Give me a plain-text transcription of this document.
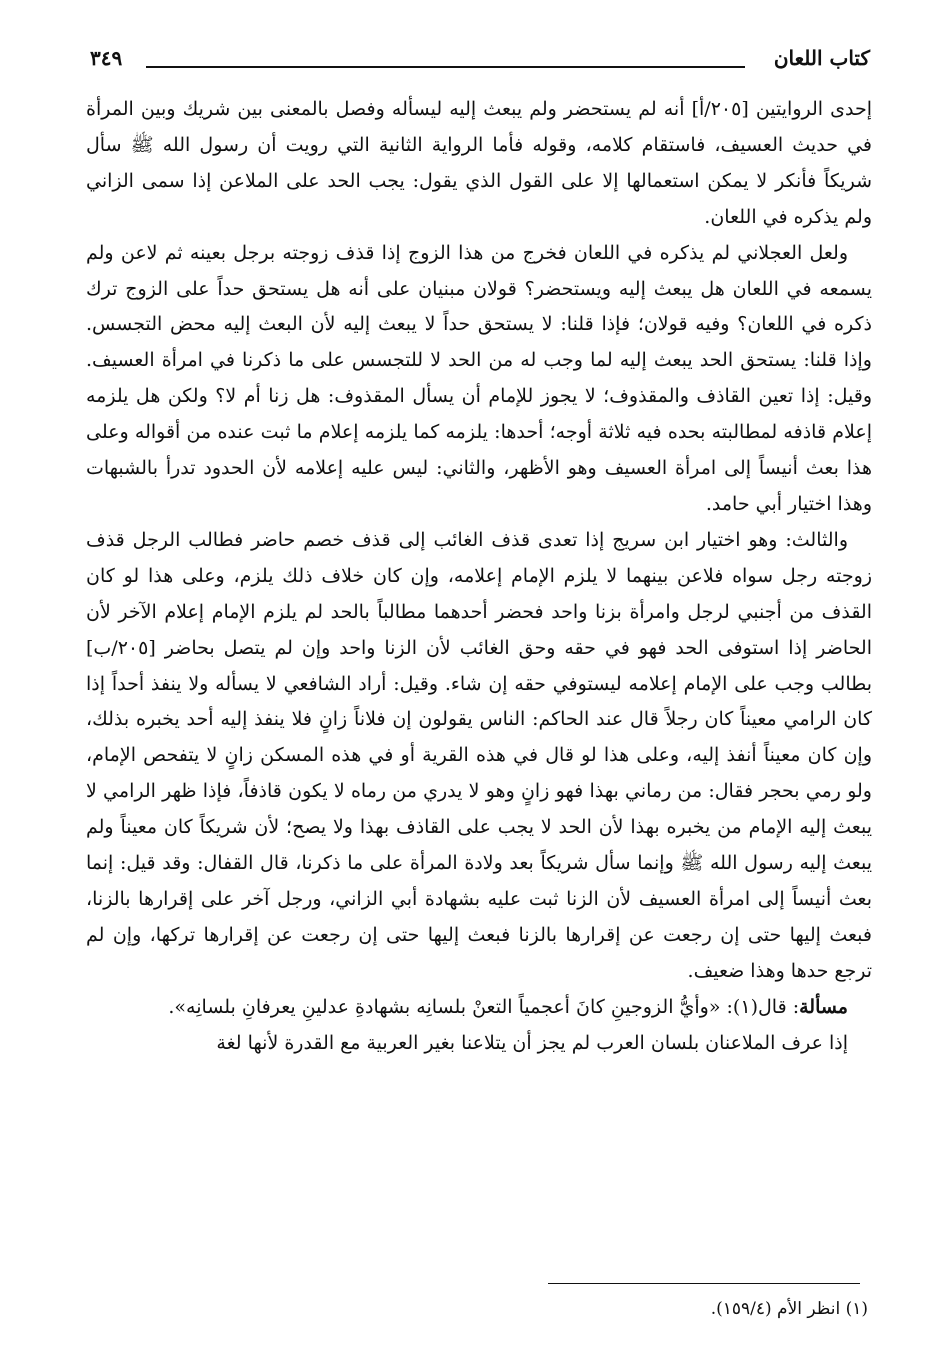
كتاب اللعان
٣٤٩

إحدى الروايتين [٢٠٥/أ] أنه لم يستحضر ولم يبعث إليه ليسأله وفصل بالمعنى بين شريك وبين المرأة في حديث العسيف، فاستقام كلامه، وقوله فأما الرواية الثانية التي رويت أن رسول الله ﷺ سأل شريكاً فأنكر لا يمكن استعمالها إلا على القول الذي يقول: يجب الحد على الملاعن إذا سمى الزاني ولم يذكره في اللعان.

ولعل العجلاني لم يذكره في اللعان فخرج من هذا الزوج إذا قذف زوجته برجل بعينه ثم لاعن ولم يسمعه في اللعان هل يبعث إليه ويستحضر؟ قولان مبنيان على أنه هل يستحق حداً على الزوج ترك ذكره في اللعان؟ وفيه قولان؛ فإذا قلنا: لا يستحق حداً لا يبعث إليه لأن البعث إليه محض التجسس. وإذا قلنا: يستحق الحد يبعث إليه لما وجب له من الحد لا للتجسس على ما ذكرنا في امرأة العسيف. وقيل: إذا تعين القاذف والمقذوف؛ لا يجوز للإمام أن يسأل المقذوف: هل زنا أم لا؟ ولكن هل يلزمه إعلام قاذفه لمطالبته بحده فيه ثلاثة أوجه؛ أحدها: يلزمه كما يلزمه إعلام ما ثبت عنده من أقواله وعلى هذا بعث أنيساً إلى امرأة العسيف وهو الأظهر، والثاني: ليس عليه إعلامه لأن الحدود تدرأ بالشبهات وهذا اختيار أبي حامد.

والثالث: وهو اختيار ابن سريج إذا تعدى قذف الغائب إلى قذف خصم حاضر فطالب الرجل قذف زوجته رجل سواه فلاعن بينهما لا يلزم الإمام إعلامه، وإن كان خلاف ذلك يلزم، وعلى هذا لو كان القذف من أجنبي لرجل وامرأة بزنا واحد فحضر أحدهما مطالباً بالحد لم يلزم الإمام إعلام الآخر لأن الحاضر إذا استوفى الحد فهو في حقه وحق الغائب لأن الزنا واحد وإن لم يتصل بحاضر [٢٠٥/ب] بطالب وجب على الإمام إعلامه ليستوفي حقه إن شاء. وقيل: أراد الشافعي لا يسأله ولا ينفذ أحداً إذا كان الرامي معيناً كان رجلاً قال عند الحاكم: الناس يقولون إن فلاناً زانٍ فلا ينفذ إليه أحد يخبره بذلك، وإن كان معيناً أنفذ إليه، وعلى هذا لو قال في هذه القرية أو في هذه المسكن زانٍ لا يتفحص الإمام، ولو رمي بحجر فقال: من رماني بهذا فهو زانٍ وهو لا يدري من رماه لا يكون قاذفاً، فإذا ظهر الرامي لا يبعث إليه الإمام من يخبره بهذا لأن الحد لا يجب على القاذف بهذا ولا يصح؛ لأن شريكاً كان معيناً ولم يبعث إليه رسول الله ﷺ وإنما سأل شريكاً بعد ولادة المرأة على ما ذكرنا، قال القفال: وقد قيل: إنما بعث أنيساً إلى امرأة العسيف لأن الزنا ثبت عليه بشهادة أبي الزاني، ورجل آخر على إقرارها بالزنا، فبعث إليها حتى إن رجعت عن إقرارها بالزنا فبعث إليها حتى إن رجعت عن إقرارها تركها، وإن لم ترجع حدها وهذا ضعيف.

مسألة: قال(١): «وأيُّ الزوجينِ كانَ أعجمياً التعنْ بلسانِه بشهادةِ عدلينِ يعرفانِ بلسانِه».

إذا عرف الملاعنان بلسان العرب لم يجز أن يتلاعنا بغير العربية مع القدرة لأنها لغة

(١) انظر الأم (١٥٩/٤).
